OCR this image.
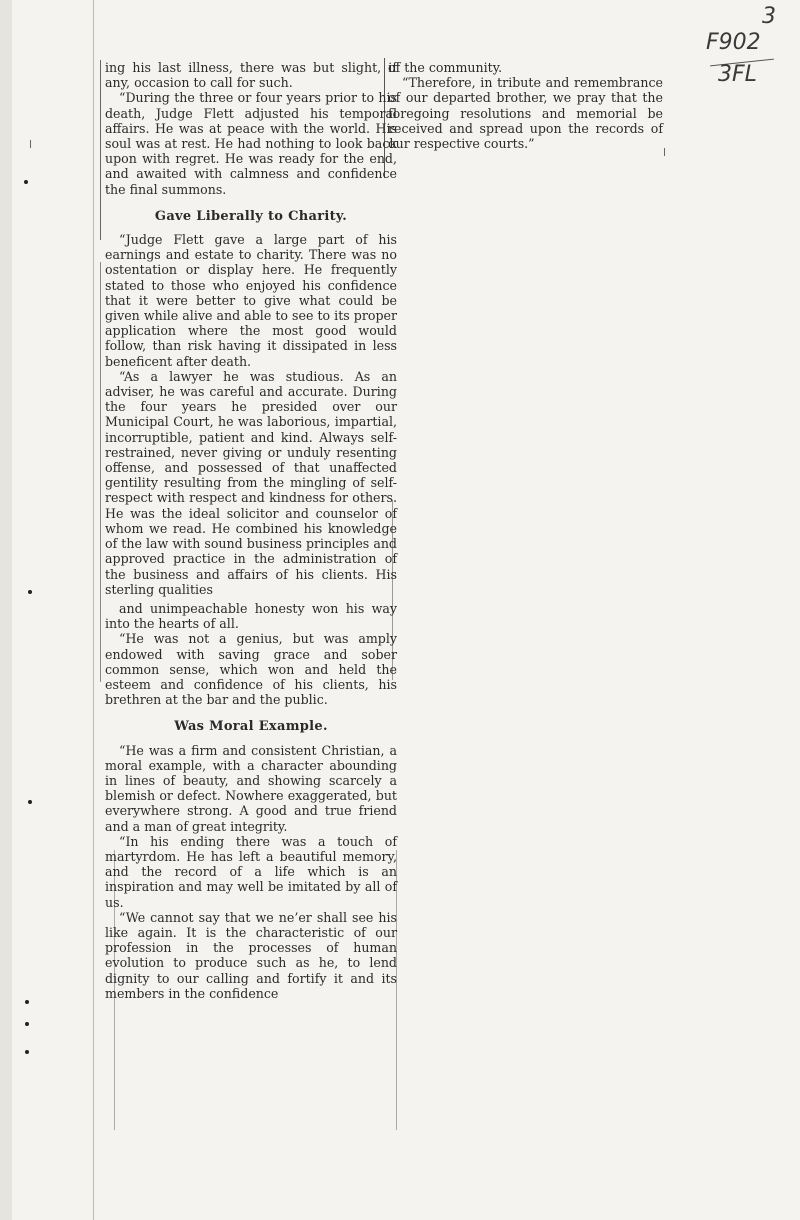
3
F902
3FL

ing his last illness, there was but slight, if any, occasion to call for such.

“During the three or four years prior to his death, Judge Flett adjusted his temporal affairs. He was at peace with the world. His soul was at rest. He had nothing to look back upon with regret. He was ready for the end, and awaited with calmness and confidence the final summons.

Gave Liberally to Charity.

“Judge Flett gave a large part of his earnings and estate to charity. There was no ostentation or display here. He frequently stated to those who enjoyed his confidence that it were better to give what could be given while alive and able to see to its proper application where the most good would follow, than risk having it dissipated in less beneficent after death.

“As a lawyer he was studious. As an adviser, he was careful and accurate. During the four years he presided over our Municipal Court, he was laborious, impartial, incorruptible, patient and kind. Always self-restrained, never giving or unduly resenting offense, and possessed of that unaffected gentility resulting from the mingling of self-respect with respect and kindness for others. He was the ideal solicitor and counselor of whom we read. He combined his knowledge of the law with sound business principles and approved practice in the administration of the business and affairs of his clients. His sterling qualities

and unimpeachable honesty won his way into the hearts of all.

“He was not a genius, but was amply endowed with saving grace and sober common sense, which won and held the esteem and confidence of his clients, his brethren at the bar and the public.

Was Moral Example.

“He was a firm and consistent Christian, a moral example, with a character abounding in lines of beauty, and showing scarcely a blemish or defect. Nowhere exaggerated, but everywhere strong. A good and true friend and a man of great integrity.

“In his ending there was a touch of martyrdom. He has left a beautiful memory, and the record of a life which is an inspiration and may well be imitated by all of us.

“We cannot say that we ne’er shall see his like again. It is the characteristic of our profession in the processes of human evolution to produce such as he, to lend dignity to our calling and fortify it and its members in the confidence

of the community.

“Therefore, in tribute and remembrance of our departed brother, we pray that the foregoing resolutions and memorial be received and spread upon the records of our respective courts.”
